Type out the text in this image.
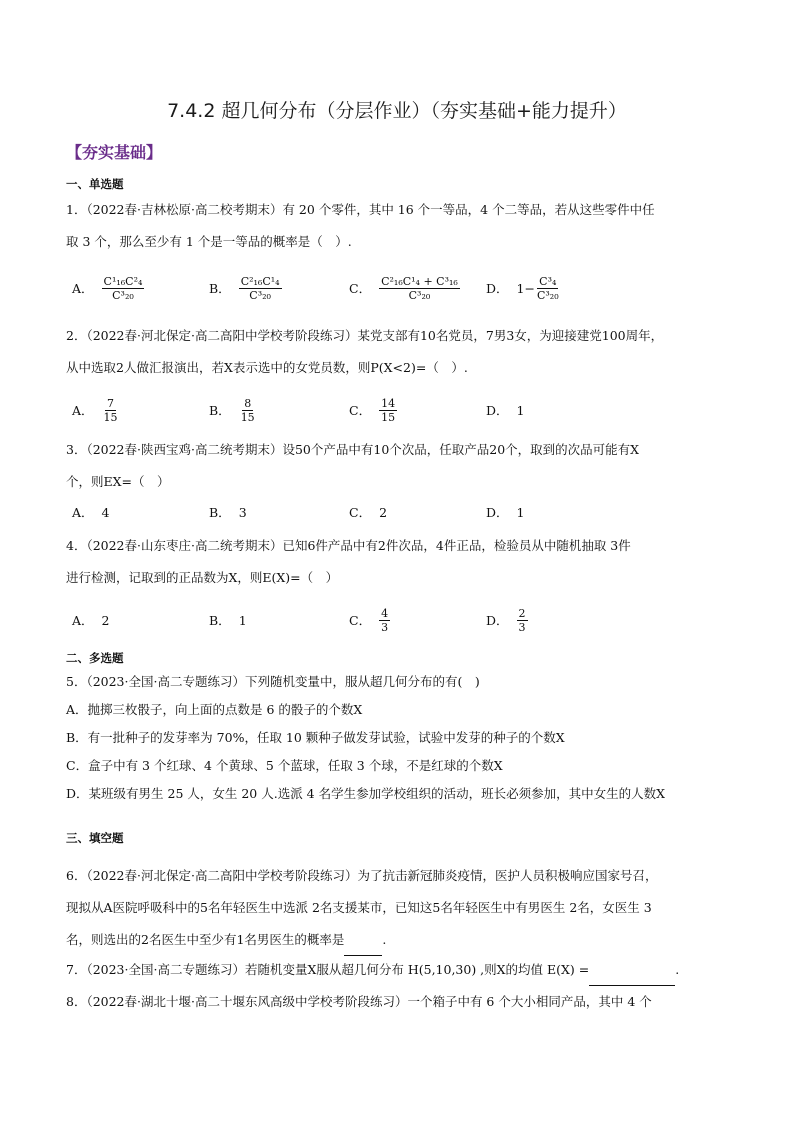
7.4.2 超几何分布（分层作业）（夯实基础+能力提升）
【夯实基础】
一、单选题
1．（2022春·吉林松原·高二校考期末）有 20 个零件，其中 16 个一等品，4 个二等品，若从这些零件中任
取 3 个，那么至少有 1 个是一等品的概率是（　）.
A． $\frac{\text{C¹₁₆C²₄}}{\text{C³₂₀}}$	B． $\frac{\text{C²₁₆C¹₄}}{\text{C³₂₀}}$	C． $\frac{\text{C²₁₆C¹₄ + C³₁₆}}{\text{C³₂₀}}$ D． $1- \frac{\text{C³₄}}{\text{C³₂₀}}$
2．（2022春·河北保定·高二高阳中学校考阶段练习）某党支部有10名党员，7男3女，为迎接建党100周年，
从中选取2人做汇报演出，若X表示选中的女党员数，则P(X<2)=（　）.
A． $\frac{7}{15}$	B． $\frac{8}{15}$	C． $\frac{14}{15}$	D． 1
3．（2022春·陕西宝鸡·高二统考期末）设50个产品中有10个次品，任取产品20个，取到的次品可能有X
个，则EX=（　）
A． 4	B． 3	C． 2	D． 1
4．（2022春·山东枣庄·高二统考期末）已知6件产品中有2件次品，4件正品，检验员从中随机抽取 3件
进行检测，记取到的正品数为X，则E(X)=（　）
A． 2	B． 1	C． $\frac{4}{3}$	D． $\frac{2}{3}$
二、多选题
5．（2023·全国·高二专题练习）下列随机变量中，服从超几何分布的有(　)
A．抛掷三枚骰子，向上面的点数是 6 的骰子的个数X
B．有一批种子的发芽率为 70%，任取 10 颗种子做发芽试验，试验中发芽的种子的个数X
C．盒子中有 3 个红球、4 个黄球、5 个蓝球，任取 3 个球，不是红球的个数X
D．某班级有男生 25 人，女生 20 人.选派 4 名学生参加学校组织的活动，班长必须参加，其中女生的人数X
三、填空题
6．（2022春·河北保定·高二高阳中学校考阶段练习）为了抗击新冠肺炎疫情，医护人员积极响应国家号召，
现拟从A医院呼吸科中的5名年轻医生中选派 2名支援某市，已知这5名年轻医生中有男医生 2名，女医生 3
名，则选出的2名医生中至少有1名男医生的概率是	.
7．（2023·全国·高二专题练习）若随机变量X服从超几何分布 H(5,10,30) ,则X的均值 E(X) =	.
8．（2022春·湖北十堰·高二十堰东风高级中学校考阶段练习）一个箱子中有 6 个大小相同产品，其中 4 个
